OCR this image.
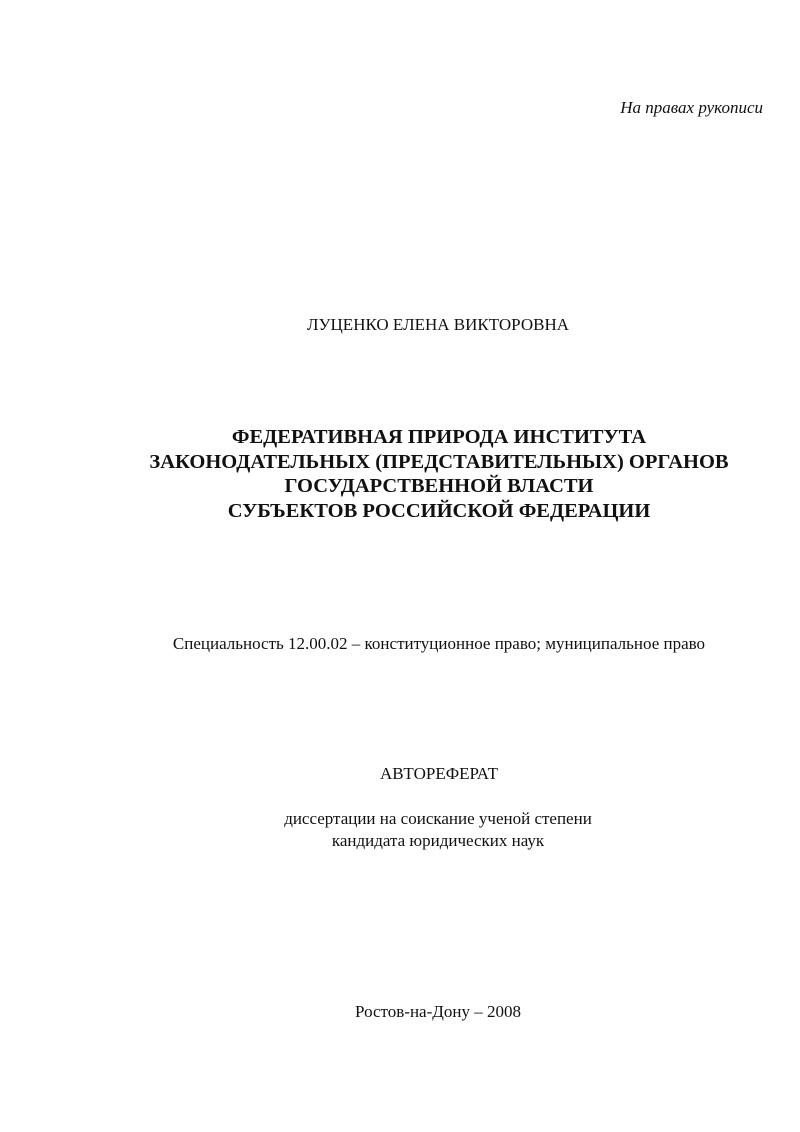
На правах рукописи
ЛУЦЕНКО ЕЛЕНА ВИКТОРОВНА
ФЕДЕРАТИВНАЯ ПРИРОДА ИНСТИТУТА
ЗАКОНОДАТЕЛЬНЫХ (ПРЕДСТАВИТЕЛЬНЫХ) ОРГАНОВ
ГОСУДАРСТВЕННОЙ ВЛАСТИ
СУБЪЕКТОВ РОССИЙСКОЙ ФЕДЕРАЦИИ
Специальность 12.00.02 – конституционное право; муниципальное право
АВТОРЕФЕРАТ
диссертации на соискание ученой степени
кандидата юридических наук
Ростов-на-Дону – 2008
